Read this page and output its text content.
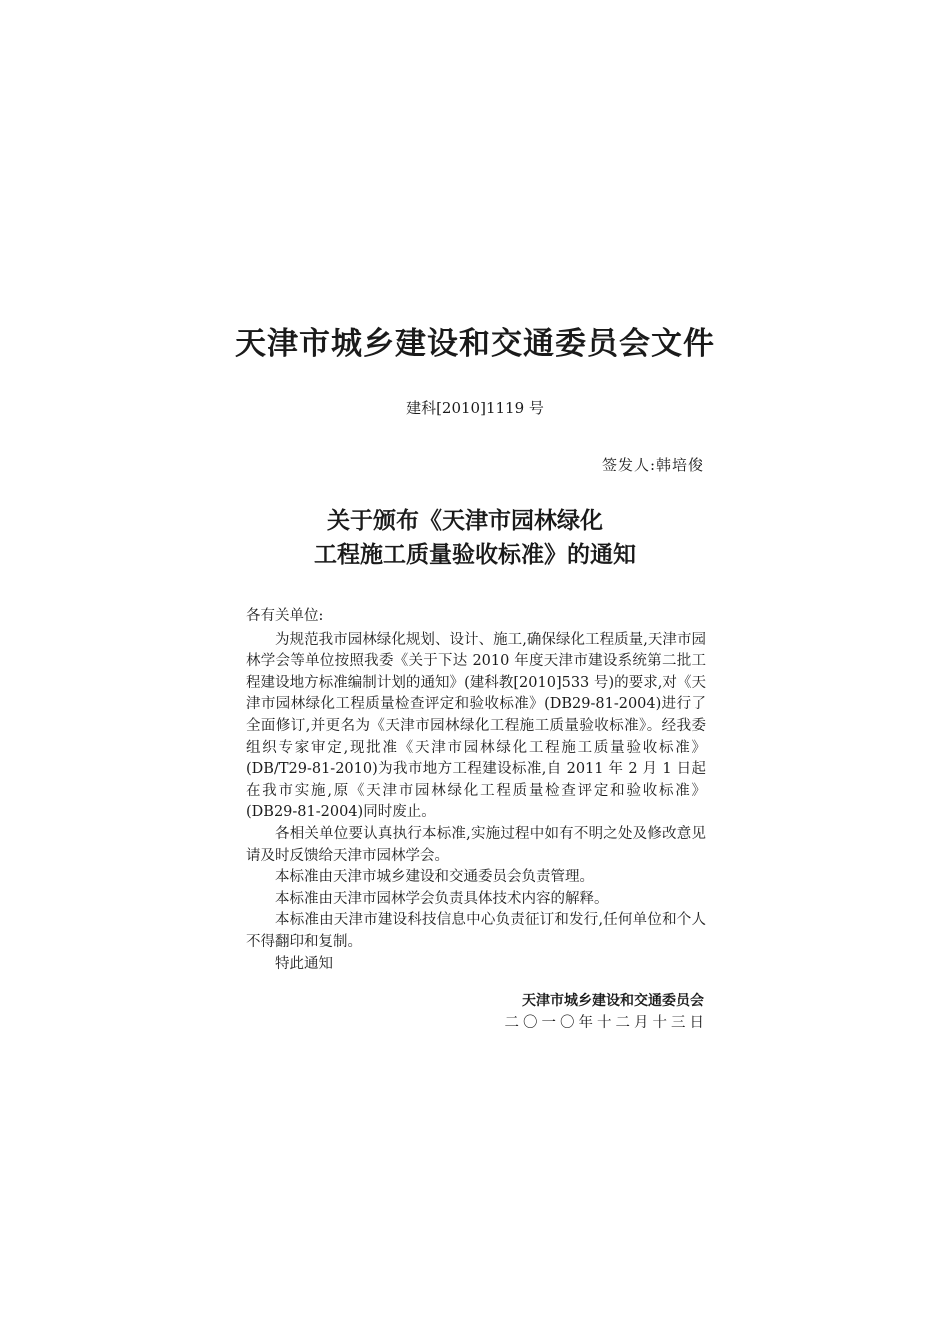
天津市城乡建设和交通委员会文件
建科[2010]1119 号
签发人:韩培俊
关于颁布《天津市园林绿化
工程施工质量验收标准》的通知

各有关单位:

为规范我市园林绿化规划、设计、施工,确保绿化工程质量,天津市园林学会等单位按照我委《关于下达 2010 年度天津市建设系统第二批工程建设地方标准编制计划的通知》(建科教[2010]533 号)的要求,对《天津市园林绿化工程质量检查评定和验收标准》(DB29-81-2004)进行了全面修订,并更名为《天津市园林绿化工程施工质量验收标准》。经我委组织专家审定,现批准《天津市园林绿化工程施工质量验收标准》(DB/T29-81-2010)为我市地方工程建设标准,自 2011 年 2 月 1 日起在我市实施,原《天津市园林绿化工程质量检查评定和验收标准》(DB29-81-2004)同时废止。

各相关单位要认真执行本标准,实施过程中如有不明之处及修改意见请及时反馈给天津市园林学会。

本标准由天津市城乡建设和交通委员会负责管理。

本标准由天津市园林学会负责具体技术内容的解释。

本标准由天津市建设科技信息中心负责征订和发行,任何单位和个人不得翻印和复制。

特此通知

天津市城乡建设和交通委员会
二〇一〇年十二月十三日
